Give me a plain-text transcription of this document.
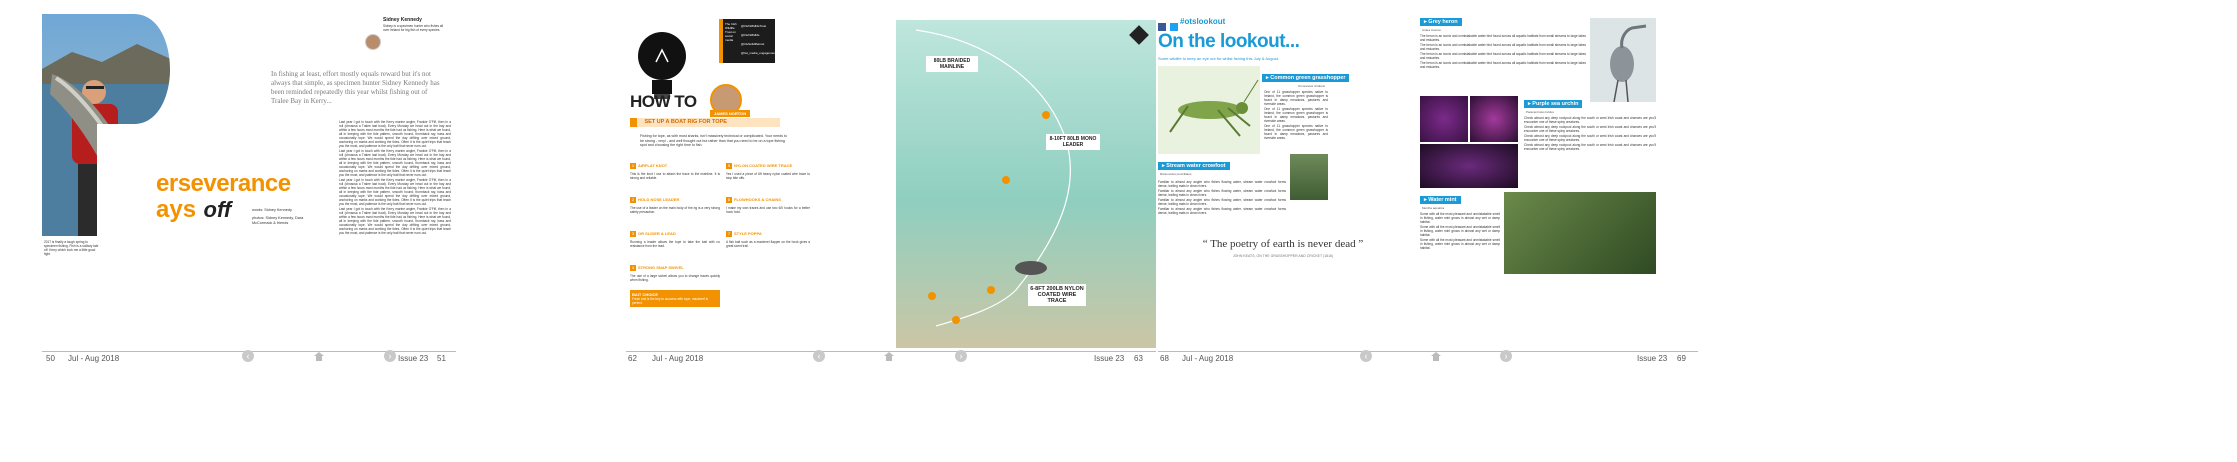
2017 is finally a tough spring to specimen fishing. Fish is a solitary tale off. Kerry which took me a little good fight.
erseverance
ays off	words: Sidney Kennedy
photos: Sidney Kennedy, Dara McCormack & friends
Sidney Kennedy
Sidney is a specimen hunter who fishes all over Ireland for big fish of every species.
In fishing at least, effort mostly equals reward but it's not always that simple, as specimen hunter Sidney Kennedy has been reminded repeatedly this year whilst fishing out of Tralee Bay in Kerry...

Last year I got in touch with the Kerry marine angler, Frankie O'Fifi, then in a roll (chnacsa a Tralee last boat). Every Monday we head out in the bay and within a few hours most months the tide had us fishing. Here is what we found, all in keeping with the tide pattern, smooth hound, thornback ray, bass and occasionally tope. We would spend the day drifting over mixed ground, anchoring on marks and working the tides. Often it is the quiet trips that teach you the most, and patience is the only bait that never runs out.

Last year I got in touch with the Kerry marine angler, Frankie O'Fifi, then in a roll (chnacsa a Tralee last boat). Every Monday we head out in the bay and within a few hours most months the tide had us fishing. Here is what we found, all in keeping with the tide pattern, smooth hound, thornback ray, bass and occasionally tope. We would spend the day drifting over mixed ground, anchoring on marks and working the tides. Often it is the quiet trips that teach you the most, and patience is the only bait that never runs out.

Last year I got in touch with the Kerry marine angler, Frankie O'Fifi, then in a roll (chnacsa a Tralee last boat). Every Monday we head out in the bay and within a few hours most months the tide had us fishing. Here is what we found, all in keeping with the tide pattern, smooth hound, thornback ray, bass and occasionally tope. We would spend the day drifting over mixed ground, anchoring on marks and working the tides. Often it is the quiet trips that teach you the most, and patience is the only bait that never runs out.

Last year I got in touch with the Kerry marine angler, Frankie O'Fifi, then in a roll (chnacsa a Tralee last boat). Every Monday we head out in the bay and within a few hours most months the tide had us fishing. Here is what we found, all in keeping with the tide pattern, smooth hound, thornback ray, bass and occasionally tope. We would spend the day drifting over mixed ground, anchoring on marks and working the tides. Often it is the quiet trips that teach you the most, and patience is the only bait that never runs out.

50 Jul - Aug 2018	Issue 23 51
‹	›
HOW TO
JAMES NORTON
$^{SET UP A BOAT RIG FOR TOPE}$
The Irish Wildlife Trust on social media
@IrishWildlifeTrust
@IrishWildlife
@irishwildlifetrust
@iwt_media_engagement
Fishing for tope, as with most sharks, isn't massively technical or complicated. Your needs to be strong - very! - and well thought out but rather than that you need to be on a tope fishing spot and choosing the right time to fish.
1 AIRFLAT KNOT
This is the knot I use to attach the trace to the mainline. It is strong and reliable.
2 HOLD NOSE LEADER
The use of a leader on the main body of the rig is a very strong safety precaution.
3 OR SLIDER & LEAD
Running a leader allows the tope to take the bait with no resistance from the lead.
4 STRONG SNAP SWIVEL
The use of a large swivel allows you to change traces quickly when fishing.
BAIT CHOICE
Fresh bait is the key to success with tope, mackerel is perfect.
5 NYLON COATED WIRE TRACE
Yes I used a piece of 6ft heavy nylon coated wire trace to stop bite offs.
6 FLOWHOOKS & CHAINS
I make my own traces and use two 6/0 hooks for a better hook hold.
7 STYLE POPPA
A fish bait such as a mackerel flapper on the hook gives a great scent trail.
80LB BRAIDED MAINLINE
8-10FT 80LB MONO LEADER
6-8FT 200LB NYLON COATED WIRE TRACE
62 Jul - Aug 2018	Issue 23 63
‹	›

#otslookout
On the lookout...
Some wildlife to keep an eye out for whilst fishing this July & August.
▸ Common green grasshopper
Omocestus viridulus

One of 11 grasshopper species native to Ireland, the common green grasshopper is found in damp meadows, pastures and riverside areas.

One of 11 grasshopper species native to Ireland, the common green grasshopper is found in damp meadows, pastures and riverside areas.

One of 11 grasshopper species native to Ireland, the common green grasshopper is found in damp meadows, pastures and riverside areas.

▸ Stream water crowfoot
Ranunculus penicillatus

Familiar to almost any angler who fishes flowing water, stream water crowfoot forms dense, trailing mats in clean rivers.

Familiar to almost any angler who fishes flowing water, stream water crowfoot forms dense, trailing mats in clean rivers.

Familiar to almost any angler who fishes flowing water, stream water crowfoot forms dense, trailing mats in clean rivers.

Familiar to almost any angler who fishes flowing water, stream water crowfoot forms dense, trailing mats in clean rivers.

“ The poetry of earth is never dead ”
JOHN KEATS, ON THE GRASSHOPPER AND CRICKET (1816)
▸ Grey heron
Ardea cinerea

The heron is an iconic and unmistakable water bird found across all aquatic habitats from small streams to large lakes and estuaries.

The heron is an iconic and unmistakable water bird found across all aquatic habitats from small streams to large lakes and estuaries.

The heron is an iconic and unmistakable water bird found across all aquatic habitats from small streams to large lakes and estuaries.

The heron is an iconic and unmistakable water bird found across all aquatic habitats from small streams to large lakes and estuaries.

▸ Purple sea urchin
Paracentrotus lividus

Check almost any deep rockpool along the south or west Irish coast and chances are you'll encounter one of these spiny creatures.

Check almost any deep rockpool along the south or west Irish coast and chances are you'll encounter one of these spiny creatures.

Check almost any deep rockpool along the south or west Irish coast and chances are you'll encounter one of these spiny creatures.

Check almost any deep rockpool along the south or west Irish coast and chances are you'll encounter one of these spiny creatures.

▸ Water mint
Mentha aquatica

Some with all the most pleasant and unmistakable smell in fishing, water mint grows in almost any wet or damp habitat.

Some with all the most pleasant and unmistakable smell in fishing, water mint grows in almost any wet or damp habitat.

Some with all the most pleasant and unmistakable smell in fishing, water mint grows in almost any wet or damp habitat.

68 Jul - Aug 2018	Issue 23 69
‹	›
